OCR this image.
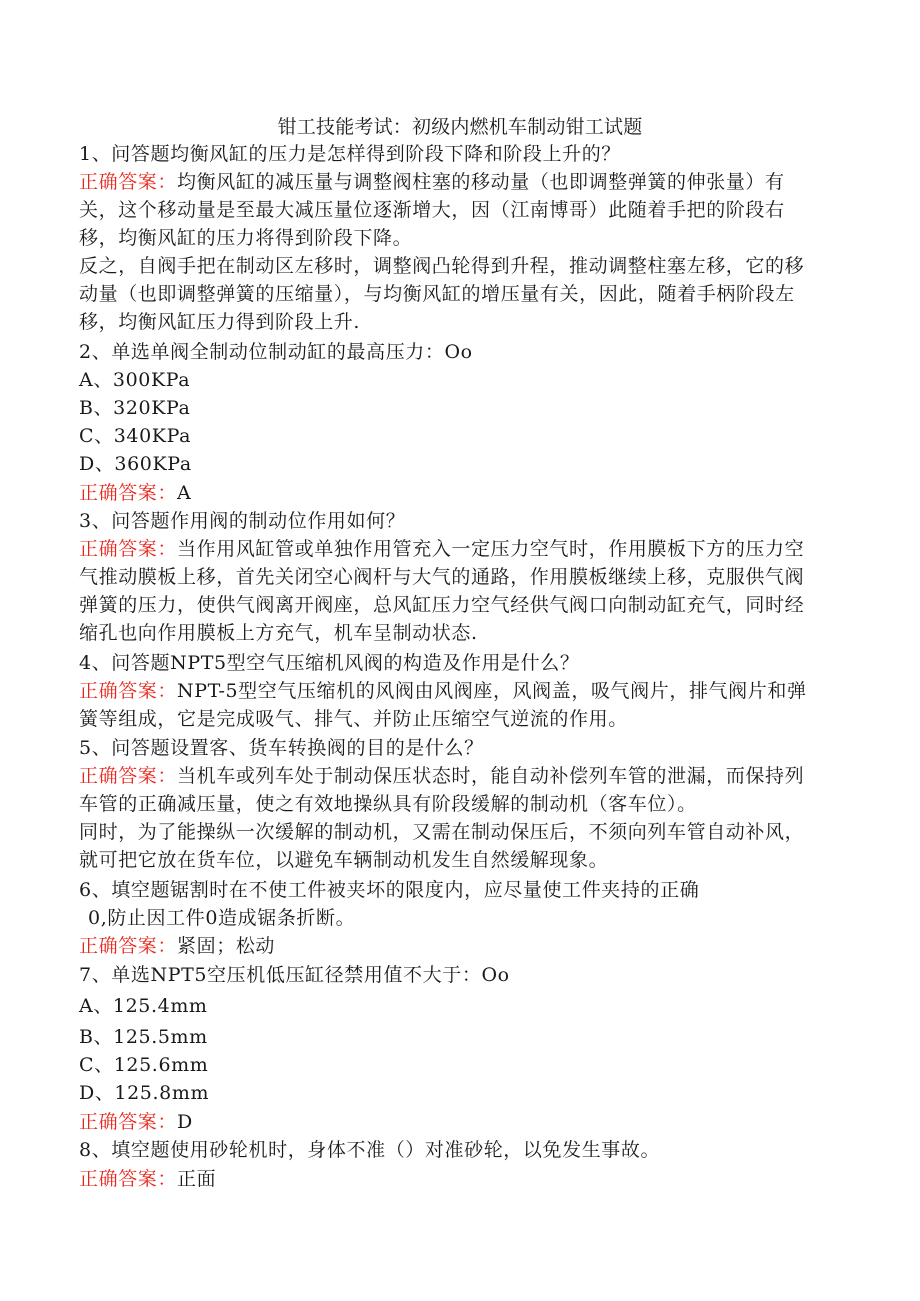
钳工技能考试：初级内燃机车制动钳工试题
1、问答题均衡风缸的压力是怎样得到阶段下降和阶段上升的？
正确答案：均衡风缸的减压量与调整阀柱塞的移动量（也即调整弹簧的伸张量）有
关，这个移动量是至最大减压量位逐渐增大，因（江南博哥）此随着手把的阶段右
移，均衡风缸的压力将得到阶段下降。
反之，自阀手把在制动区左移时，调整阀凸轮得到升程，推动调整柱塞左移，它的移
动量（也即调整弹簧的压缩量），与均衡风缸的增压量有关，因此，随着手柄阶段左
移，均衡风缸压力得到阶段上升.
2、单选单阀全制动位制动缸的最高压力：Oo
A、300KPa
B、320KPa
C、340KPa
D、360KPa
正确答案：A
3、问答题作用阀的制动位作用如何？
正确答案：当作用风缸管或单独作用管充入一定压力空气时，作用膜板下方的压力空
气推动膜板上移，首先关闭空心阀杆与大气的通路，作用膜板继续上移，克服供气阀
弹簧的压力，使供气阀离开阀座，总风缸压力空气经供气阀口向制动缸充气，同时经
缩孔也向作用膜板上方充气，机车呈制动状态.
4、问答题NPT5型空气压缩机风阀的构造及作用是什么？
正确答案：NPT-5型空气压缩机的风阀由风阀座，风阀盖，吸气阀片，排气阀片和弹
簧等组成，它是完成吸气、排气、并防止压缩空气逆流的作用。
5、问答题设置客、货车转换阀的目的是什么？
正确答案：当机车或列车处于制动保压状态时，能自动补偿列车管的泄漏，而保持列
车管的正确减压量，使之有效地操纵具有阶段缓解的制动机（客车位）。
同时，为了能操纵一次缓解的制动机，又需在制动保压后，不须向列车管自动补风，
就可把它放在货车位，以避免车辆制动机发生自然缓解现象。
6、填空题锯割时在不使工件被夹坏的限度内，应尽量使工件夹持的正确
0,防止因工件0造成锯条折断。
正确答案：紧固；松动
7、单选NPT5空压机低压缸径禁用值不大于：Oo
A、125.4mm
B、125.5mm
C、125.6mm
D、125.8mm
正确答案：D
8、填空题使用砂轮机时，身体不准（）对准砂轮，以免发生事故。
正确答案：正面
